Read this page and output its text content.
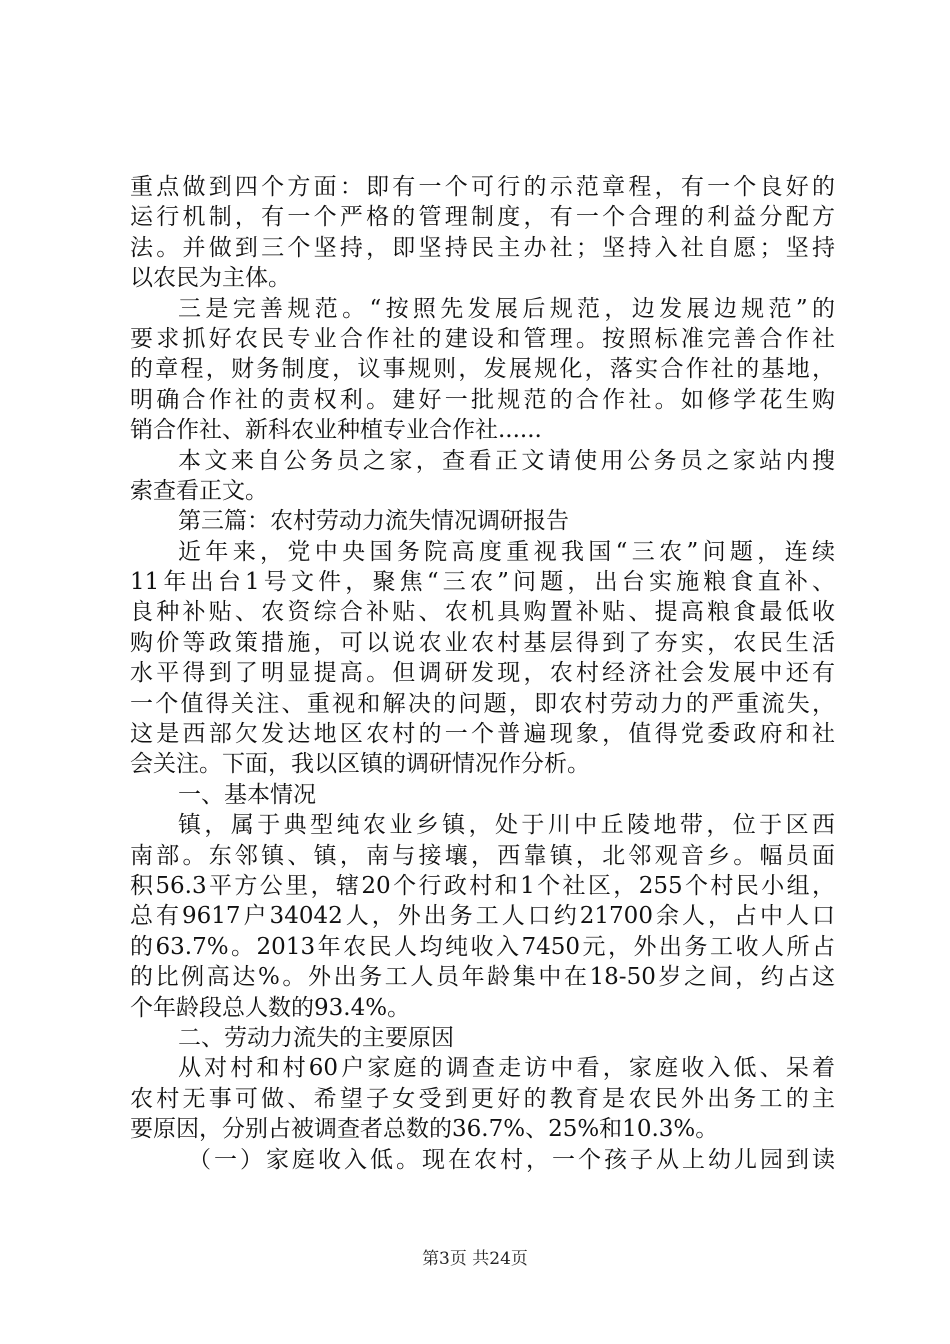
重点做到四个方面：即有一个可行的示范章程，有一个良好的
运行机制，有一个严格的管理制度，有一个合理的利益分配方
法。并做到三个坚持，即坚持民主办社；坚持入社自愿；坚持
以农民为主体。
三是完善规范。“按照先发展后规范，边发展边规范”的
要求抓好农民专业合作社的建设和管理。按照标准完善合作社
的章程，财务制度，议事规则，发展规化，落实合作社的基地，
明确合作社的责权利。建好一批规范的合作社。如修学花生购
销合作社、新科农业种植专业合作社......
本文来自公务员之家，查看正文请使用公务员之家站内搜
索查看正文。
第三篇：农村劳动力流失情况调研报告
近年来，党中央国务院高度重视我国“三农”问题，连续
11年出台1号文件，聚焦“三农”问题，出台实施粮食直补、
良种补贴、农资综合补贴、农机具购置补贴、提高粮食最低收
购价等政策措施，可以说农业农村基层得到了夯实，农民生活
水平得到了明显提高。但调研发现，农村经济社会发展中还有
一个值得关注、重视和解决的问题，即农村劳动力的严重流失，
这是西部欠发达地区农村的一个普遍现象，值得党委政府和社
会关注。下面，我以区镇的调研情况作分析。
一、基本情况
镇，属于典型纯农业乡镇，处于川中丘陵地带，位于区西
南部。东邻镇、镇，南与接壤，西靠镇，北邻观音乡。幅员面
积56.3平方公里，辖20个行政村和1个社区，255个村民小组，
总有9617户34042人，外出务工人口约21700余人，占中人口
的63.7%。2013年农民人均纯收入7450元，外出务工收人所占
的比例高达%。外出务工人员年龄集中在18-50岁之间，约占这
个年龄段总人数的93.4%。
二、劳动力流失的主要原因
从对村和村60户家庭的调查走访中看，家庭收入低、呆着
农村无事可做、希望子女受到更好的教育是农民外出务工的主
要原因，分别占被调查者总数的36.7%、25%和10.3%。
（一）家庭收入低。现在农村，一个孩子从上幼儿园到读
第3页 共24页
